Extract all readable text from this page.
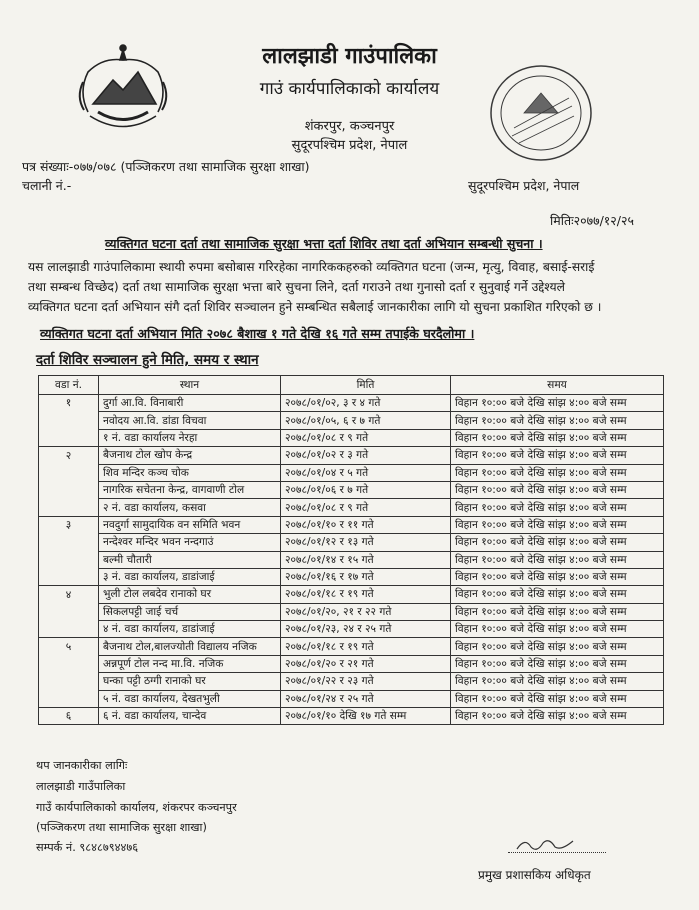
लालझाडी गाउंपालिका
गाउं कार्यपालिकाको कार्यालय
शंकरपुर, कञ्चनपुर
सुदूरपश्चिम प्रदेश, नेपाल
पत्र संख्याः-०७७/०७८ (पञ्जिकरण तथा सामाजिक सुरक्षा शाखा)
चलानी नं.-	सुदूरपश्चिम प्रदेश, नेपाल
मितिः२०७७/१२/२५
व्यक्तिगत घटना दर्ता तथा सामाजिक सुरक्षा भत्ता दर्ता शिविर तथा दर्ता अभियान सम्बन्धी सुचना ।
यस लालझाडी गाउंपालिकामा स्थायी रुपमा बसोबास गरिरहेका नागरिककहरुको व्यक्तिगत घटना (जन्म, मृत्यु, विवाह, बसाई-सराई
तथा सम्बन्ध विच्छेद) दर्ता तथा सामाजिक सुरक्षा भत्ता बारे सुचना लिने, दर्ता गराउने तथा गुनासो दर्ता र सुनुवाई गर्ने उद्देश्यले
व्यक्तिगत घटना दर्ता अभियान संगै दर्ता शिविर सञ्चालन हुने सम्बन्धित सबैलाई जानकारीका लागि यो सुचना प्रकाशित गरिएको छ ।
व्यक्तिगत घटना दर्ता अभियान मिति २०७८ बैशाख १ गते देखि १६ गते सम्म तपाईके घरदैलोमा ।
दर्ता शिविर सञ्चालन हुने मिति, समय र स्थान
वडा नं.	स्थान	मिति	समय
१	दुर्गा आ.वि. विनाबारी	२०७८/०१/०२, ३ र ४ गते	विहान १०:०० बजे देखि सांझ ४:०० बजे सम्म
	नवोदय आ.वि. डांडा विचवा	२०७८/०१/०५, ६ र ७ गते	विहान १०:०० बजे देखि सांझ ४:०० बजे सम्म
	१ नं. वडा कार्यालय नेरहा	२०७८/०१/०८ र ९ गते	विहान १०:०० बजे देखि सांझ ४:०० बजे सम्म
२	बैजनाथ टोल खोप केन्द्र	२०७८/०१/०२ र ३ गते	विहान १०:०० बजे देखि सांझ ४:०० बजे सम्म
	शिव मन्दिर कञ्च चोक	२०७८/०१/०४ र ५ गते	विहान १०:०० बजे देखि सांझ ४:०० बजे सम्म
	नागरिक सचेतना केन्द्र, वागवाणी टोल	२०७८/०१/०६ र ७ गते	विहान १०:०० बजे देखि सांझ ४:०० बजे सम्म
	२ नं. वडा कार्यालय, कसवा	२०७८/०१/०८ र ९ गते	विहान १०:०० बजे देखि सांझ ४:०० बजे सम्म
३	नवदुर्गा सामुदायिक वन समिति भवन	२०७८/०१/१० र ११ गते	विहान १०:०० बजे देखि सांझ ४:०० बजे सम्म
	नन्देश्वर मन्दिर भवन नन्दगाउं	२०७८/०१/१२ र १३ गते	विहान १०:०० बजे देखि सांझ ४:०० बजे सम्म
	बल्मी चौतारी	२०७८/०१/१४ र १५ गते	विहान १०:०० बजे देखि सांझ ४:०० बजे सम्म
	३ नं. वडा कार्यालय, डाडांजाई	२०७८/०१/१६ र १७ गते	विहान १०:०० बजे देखि सांझ ४:०० बजे सम्म
४	भुली टोल लबदेव रानाको घर	२०७८/०१/१८ र १९ गते	विहान १०:०० बजे देखि सांझ ४:०० बजे सम्म
	सिकलपट्टी जाई चर्च	२०७८/०१/२०, २१ र २२ गते	विहान १०:०० बजे देखि सांझ ४:०० बजे सम्म
	४ नं. वडा कार्यालय, डाडांजाई	२०७८/०१/२३, २४ र २५ गते	विहान १०:०० बजे देखि सांझ ४:०० बजे सम्म
५	बैजनाथ टोल,बालज्योती विद्यालय नजिक	२०७८/०१/१८ र १९ गते	विहान १०:०० बजे देखि सांझ ४:०० बजे सम्म
	अन्नपूर्ण टोल नन्द मा.वि. नजिक	२०७८/०१/२० र २१ गते	विहान १०:०० बजे देखि सांझ ४:०० बजे सम्म
	घन्का पट्टी ठग्गी रानाको घर	२०७८/०१/२२ र २३ गते	विहान १०:०० बजे देखि सांझ ४:०० बजे सम्म
	५ नं. वडा कार्यालय, देखतभुली	२०७८/०१/२४ र २५ गते	विहान १०:०० बजे देखि सांझ ४:०० बजे सम्म
६	६ नं. वडा कार्यालय, चान्देव	२०७८/०१/१० देखि १७ गते सम्म	विहान १०:०० बजे देखि सांझ ४:०० बजे सम्म
थप जानकारीका लागिः
लालझाडी गाउँपालिका
गाउँ कार्यपालिकाको कार्यालय, शंकरपर कञ्चनपुर
(पञ्जिकरण तथा सामाजिक सुरक्षा शाखा)
सम्पर्क नं. ९८४८७९४४७६
प्रमुख प्रशासकिय अधिकृत
